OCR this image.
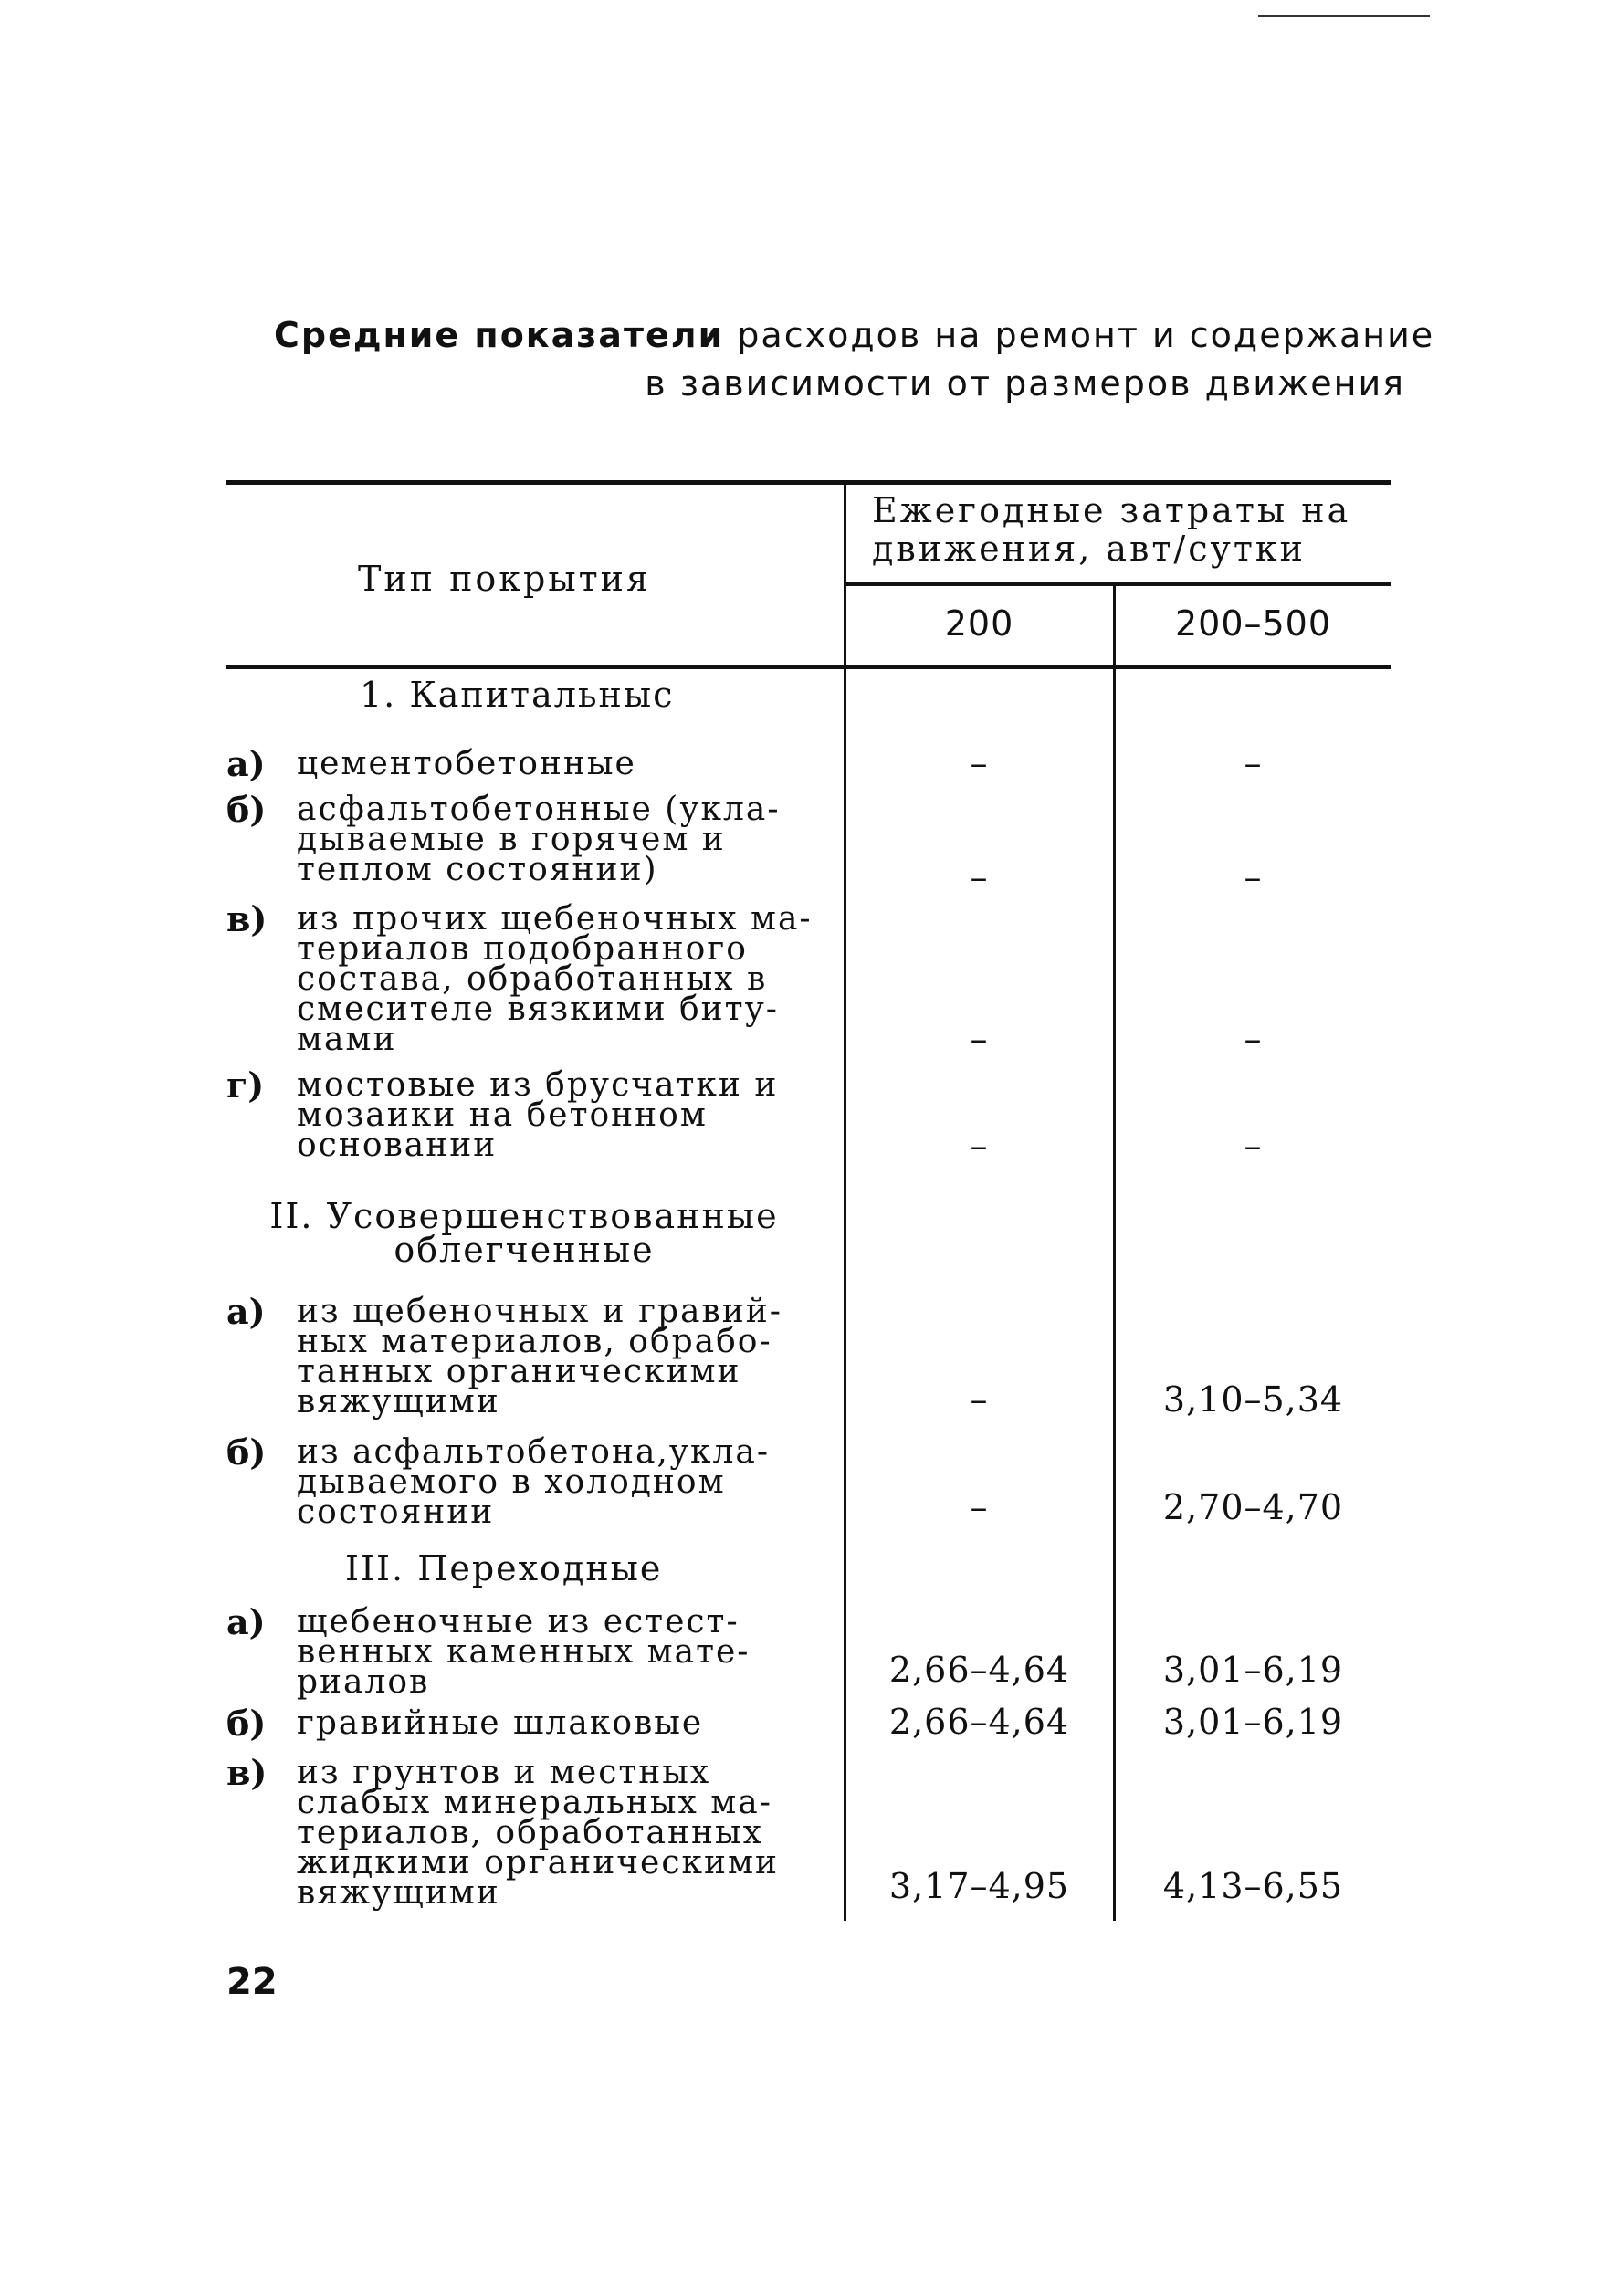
Средние показатели расходов на ремонт и содержание
в зависимости от размеров движения
Тип покрытия
Ежегодные затраты на
движения, авт/сутки
200	200–500
1. Капитальныс
а) цементобетонные	–	–
б) асфальтобетонные (укла-
дываемые в горячем и
теплом состоянии)	–	–
в) из прочих щебеночных ма-
териалов подобранного
состава, обработанных в
смесителе вязкими биту-
мами	–	–
г) мостовые из брусчатки и
мозаики на бетонном
основании	–	–
II. Усовершенствованные
облегченные
а) из щебеночных и гравий-
ных материалов, обрабо-
танных органическими
вяжущими	–	3,10–5,34
б) из асфальтобетона,укла-
дываемого в холодном
состоянии	–	2,70–4,70
III. Переходные
а) щебеночные из естест-
венных каменных мате-
риалов	2,66–4,64	3,01–6,19
б) гравийные шлаковые	2,66–4,64	3,01–6,19
в) из грунтов и местных
слабых минеральных ма-
териалов, обработанных
жидкими органическими
вяжущими	3,17–4,95	4,13–6,55
22
